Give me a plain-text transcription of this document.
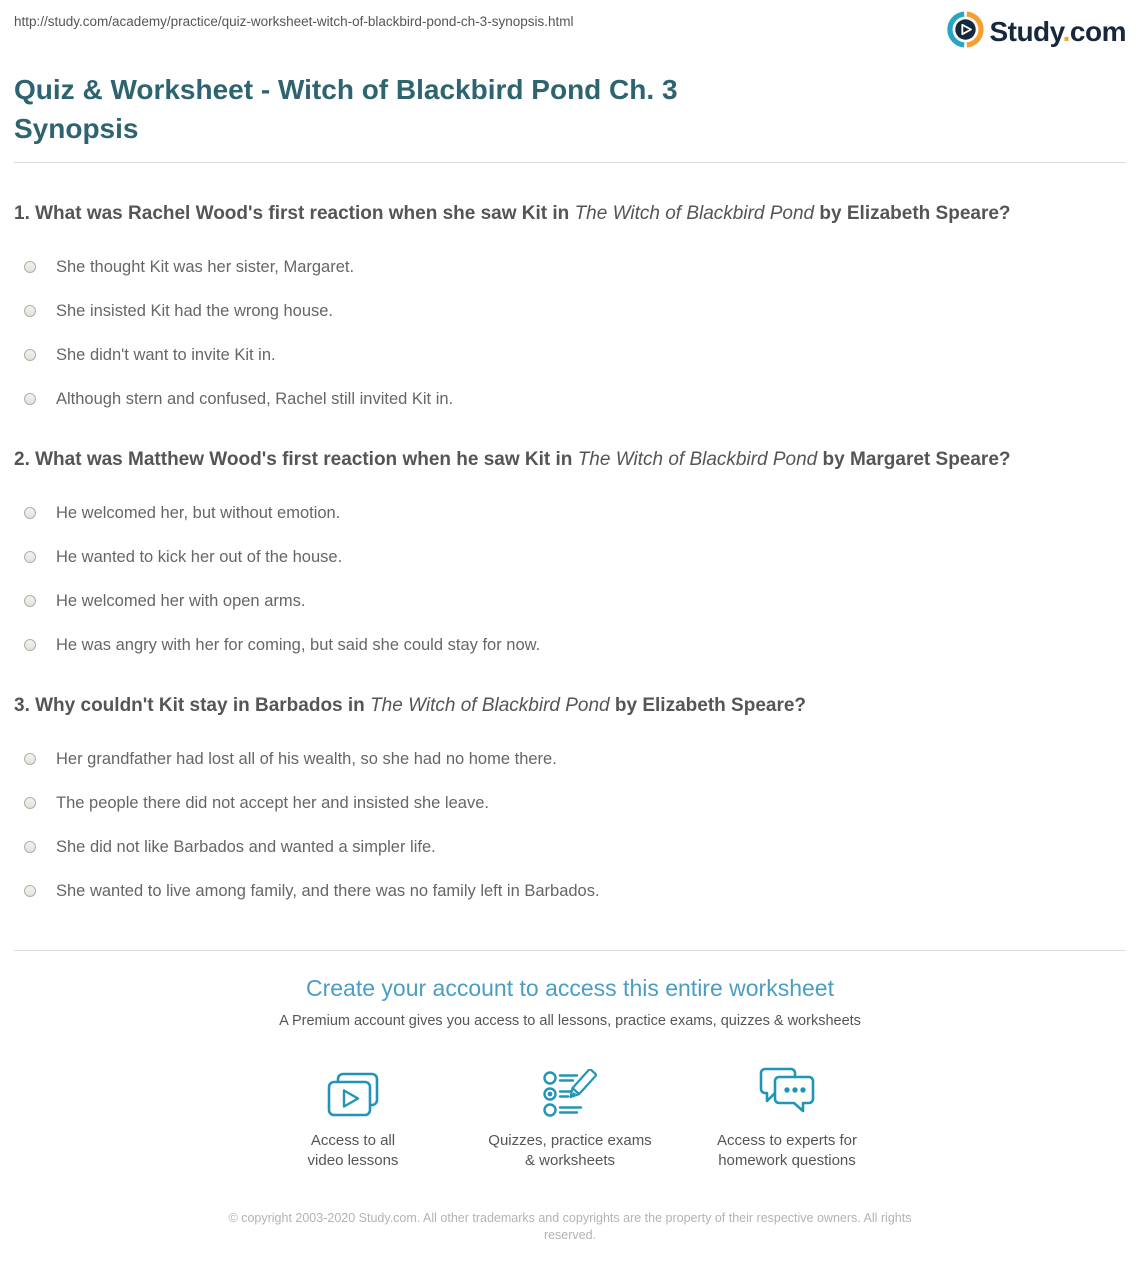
http://study.com/academy/practice/quiz-worksheet-witch-of-blackbird-pond-ch-3-synopsis.html	Study.com
Quiz & Worksheet - Witch of Blackbird Pond Ch. 3 Synopsis
1. What was Rachel Wood's first reaction when she saw Kit in The Witch of Blackbird Pond by Elizabeth Speare?
She thought Kit was her sister, Margaret.
She insisted Kit had the wrong house.
She didn't want to invite Kit in.
Although stern and confused, Rachel still invited Kit in.
2. What was Matthew Wood's first reaction when he saw Kit in The Witch of Blackbird Pond by Margaret Speare?
He welcomed her, but without emotion.
He wanted to kick her out of the house.
He welcomed her with open arms.
He was angry with her for coming, but said she could stay for now.
3. Why couldn't Kit stay in Barbados in The Witch of Blackbird Pond by Elizabeth Speare?
Her grandfather had lost all of his wealth, so she had no home there.
The people there did not accept her and insisted she leave.
She did not like Barbados and wanted a simpler life.
She wanted to live among family, and there was no family left in Barbados.
Create your account to access this entire worksheet
A Premium account gives you access to all lessons, practice exams, quizzes & worksheets
Access to all
video lessons
Quizzes, practice exams
& worksheets
Access to experts for
homework questions
© copyright 2003-2020 Study.com. All other trademarks and copyrights are the property of their respective owners. All rights reserved.
